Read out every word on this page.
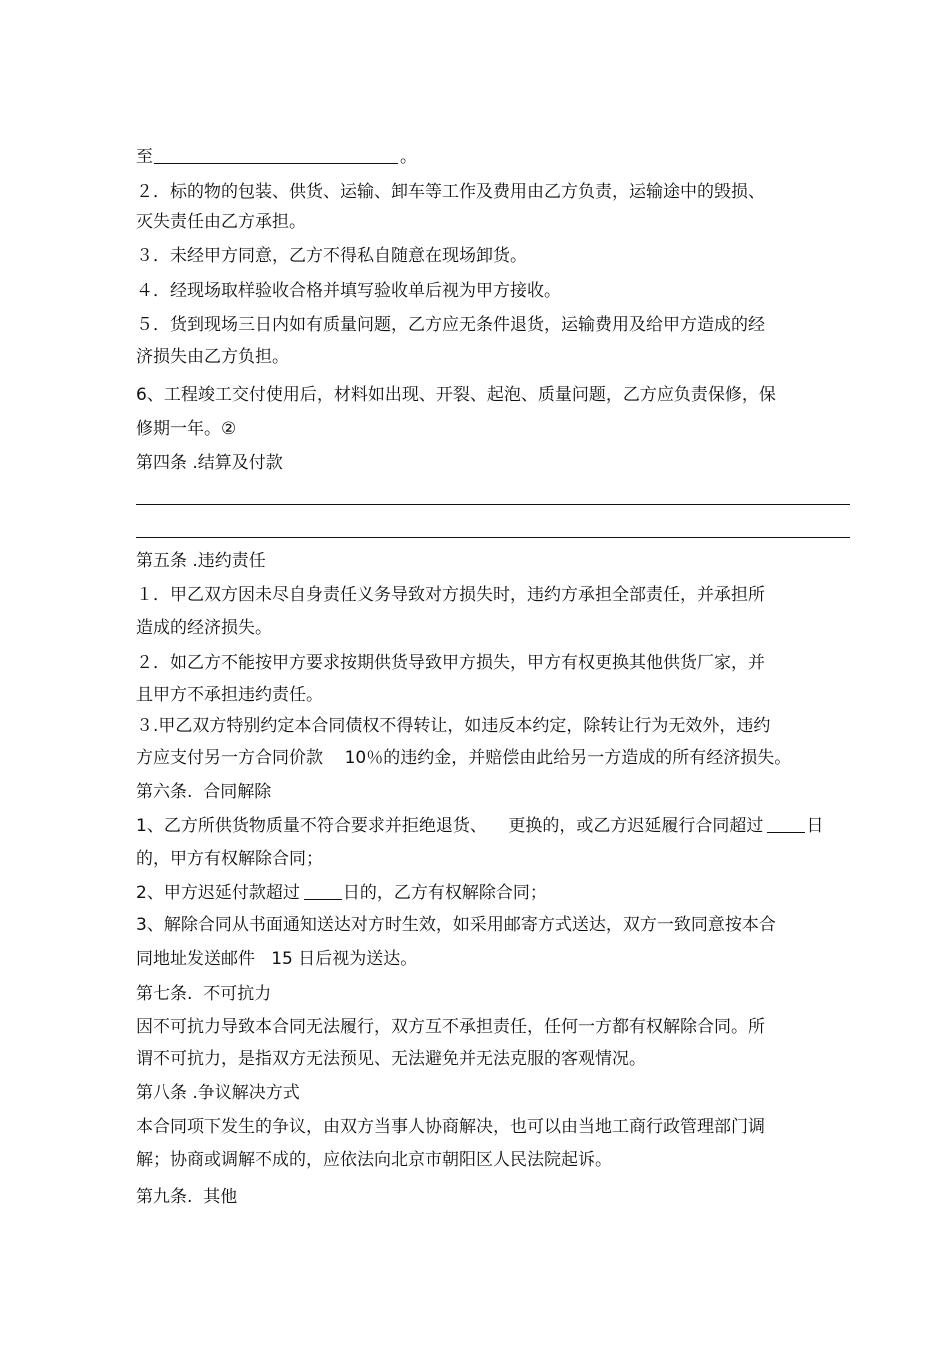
至	。

２．标的物的包装、供货、运输、卸车等工作及费用由乙方负责，运输途中的毁损、

灭失责任由乙方承担。

３．未经甲方同意，乙方不得私自随意在现场卸货。

４．经现场取样验收合格并填写验收单后视为甲方接收。

５．货到现场三日内如有质量问题，乙方应无条件退货，运输费用及给甲方造成的经

济损失由乙方负担。

6、工程竣工交付使用后，材料如出现、开裂、起泡、质量问题，乙方应负责保修，保

修期一年。②

第四条 .结算及付款

第五条 .违约责任

１．甲乙双方因未尽自身责任义务导致对方损失时，违约方承担全部责任，并承担所

造成的经济损失。

２．如乙方不能按甲方要求按期供货导致甲方损失，甲方有权更换其他供货厂家，并

且甲方不承担违约责任。

３.甲乙双方特别约定本合同债权不得转让，如违反本约定，除转让行为无效外，违约

方应支付另一方合同价款    10％的违约金，并赔偿由此给另一方造成的所有经济损失。

第六条.  合同解除

1、乙方所供货物质量不符合要求并拒绝退货、    更换的，或乙方迟延履行合同超过	日

的，甲方有权解除合同；

2、甲方迟延付款超过	日的，乙方有权解除合同；

3、解除合同从书面通知送达对方时生效，如采用邮寄方式送达，双方一致同意按本合

同地址发送邮件   15 日后视为送达。

第七条.  不可抗力

因不可抗力导致本合同无法履行，双方互不承担责任，任何一方都有权解除合同。所

谓不可抗力，是指双方无法预见、无法避免并无法克服的客观情况。

第八条 .争议解决方式

本合同项下发生的争议，由双方当事人协商解决，也可以由当地工商行政管理部门调

解；协商或调解不成的，应依法向北京市朝阳区人民法院起诉。

第九条.  其他
